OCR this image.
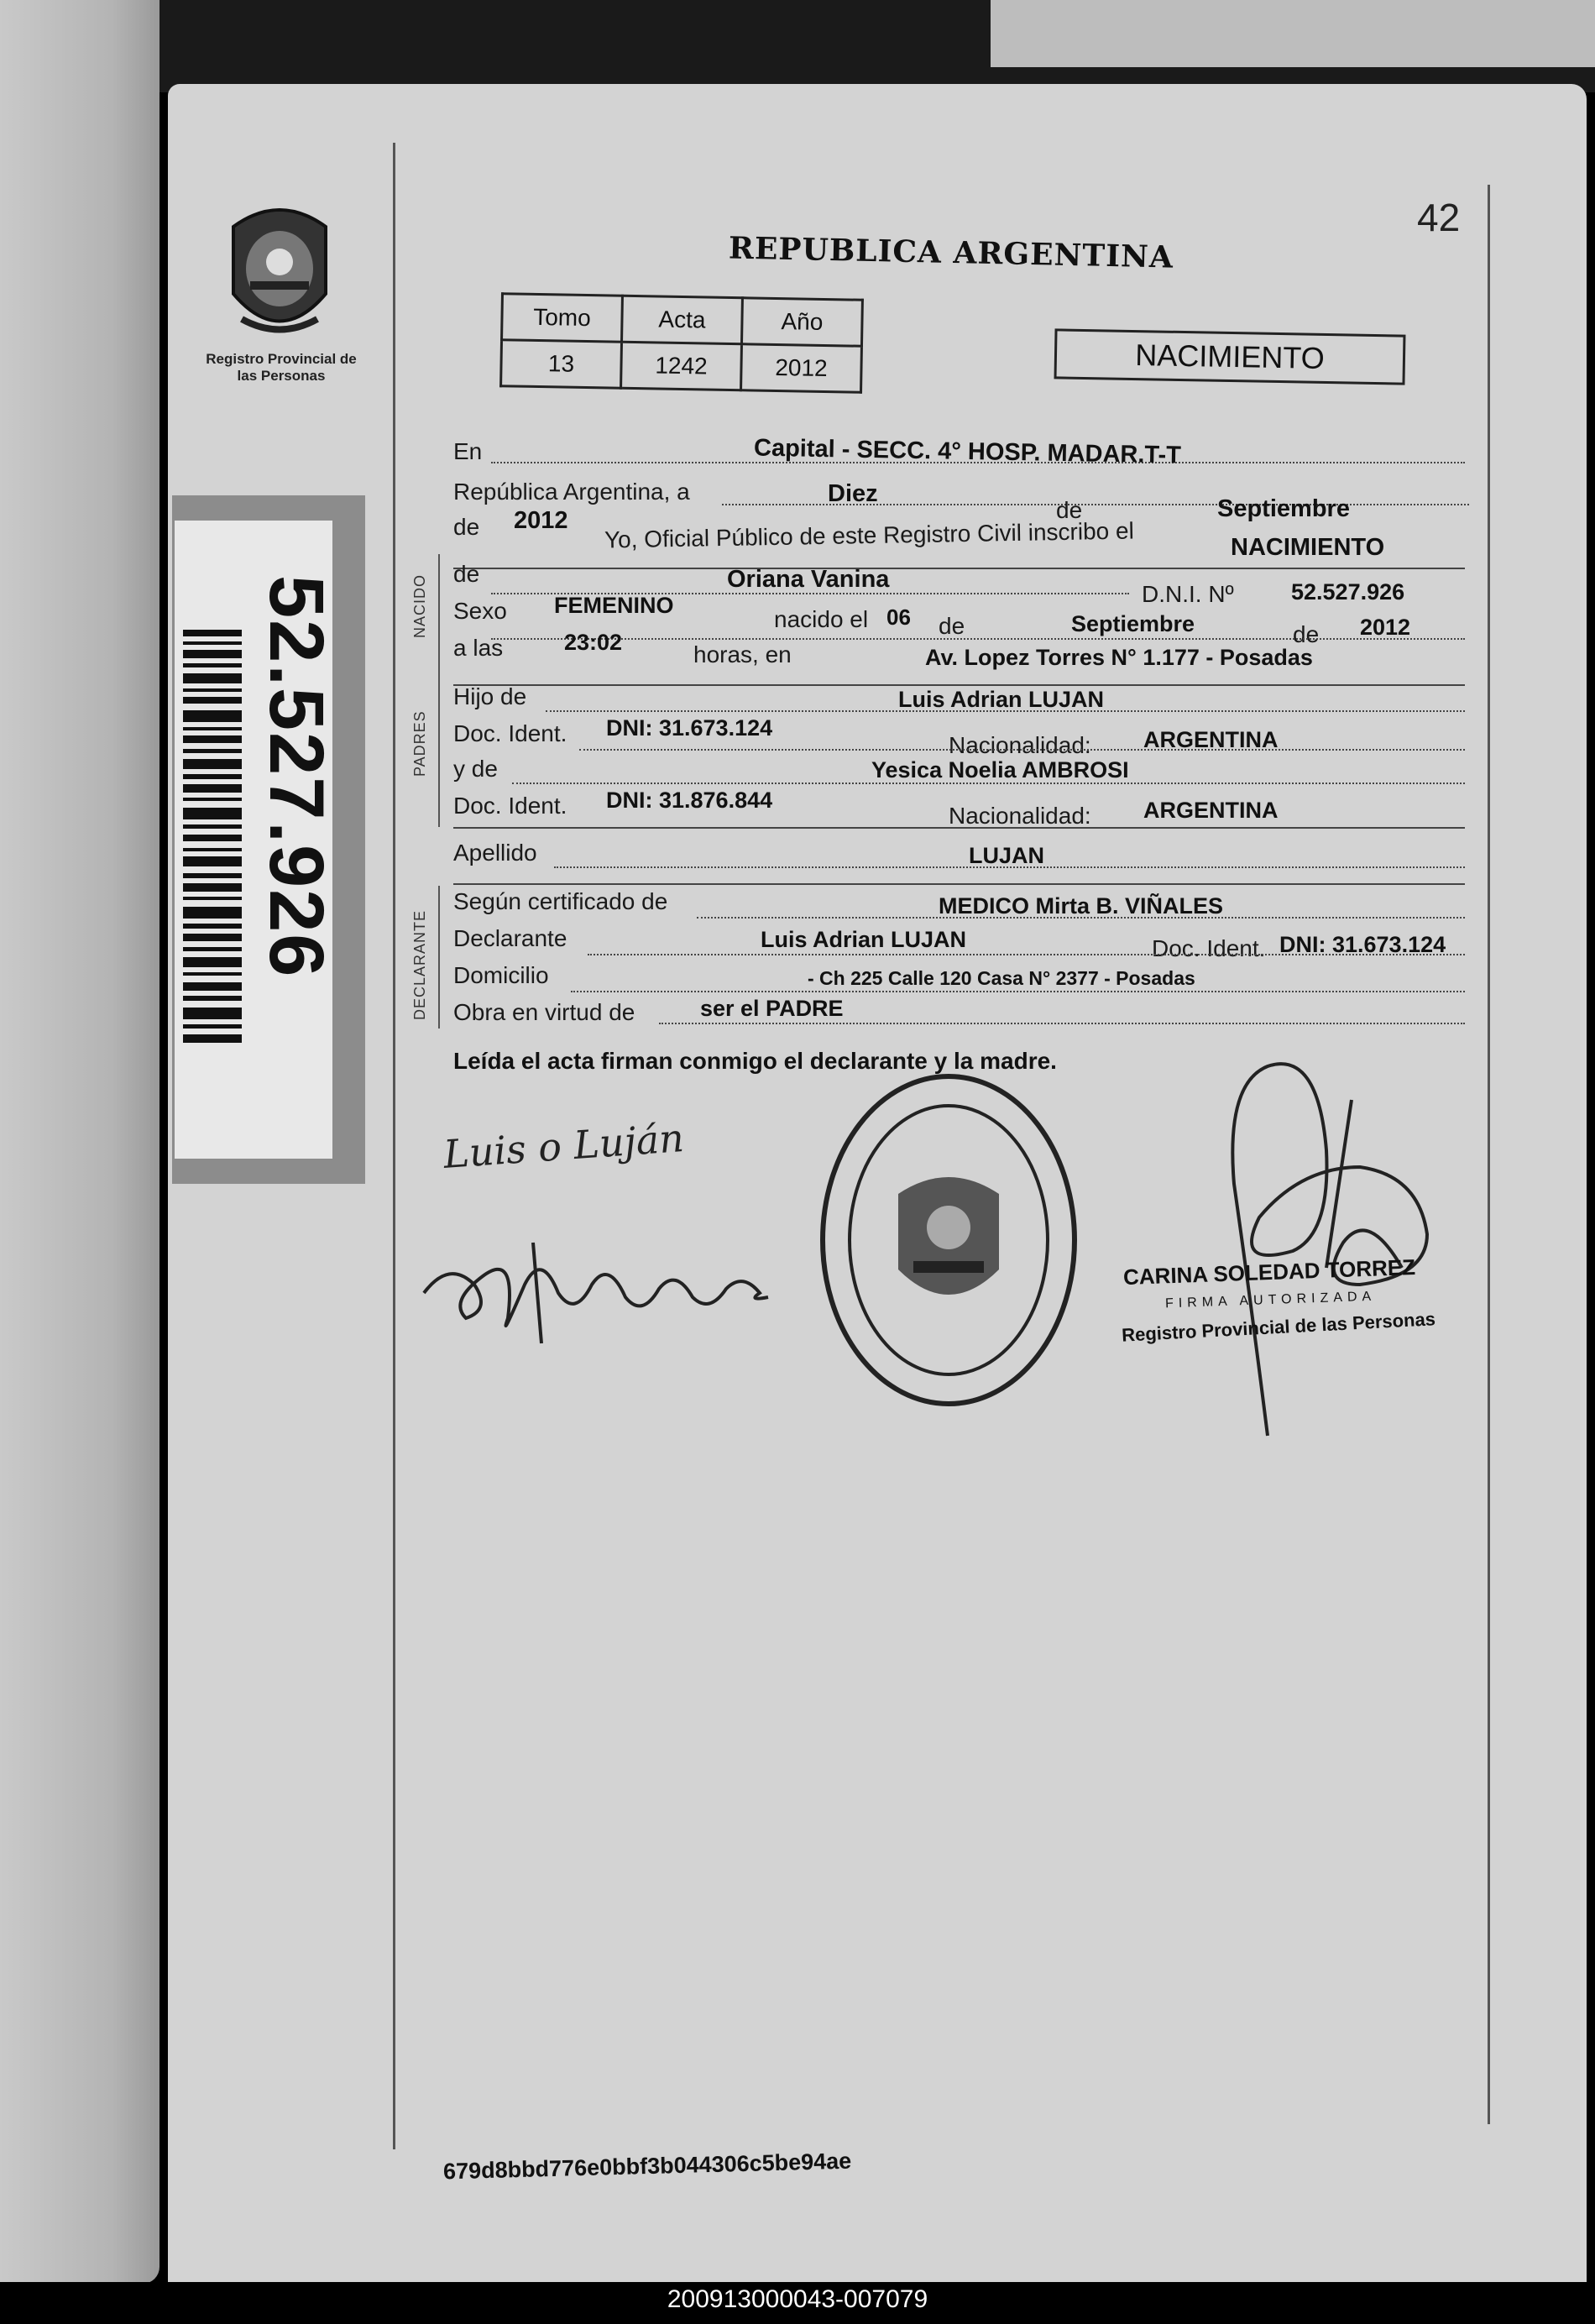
Registro Provincial de las Personas
52.527.926
42
REPUBLICA ARGENTINA
Tomo	Acta	Año
13	1242	2012	NACIMIENTO
NACIDO
PADRES
DECLARANTE
En	Capital - SECC. 4° HOSP. MADAR.T-T
República Argentina, a	Diez
de	Septiembre
de 2012 Yo, Oficial Público de este Registro Civil inscribo el	NACIMIENTO
de	Oriana Vanina
D.N.I. Nº	52.527.926
Sexo FEMENINO
nacido el 06 de	Septiembre	de 2012
a las	23:02	horas, en	Av. Lopez Torres N° 1.177 - Posadas
Hijo de	Luis Adrian LUJAN
Doc. Ident. DNI: 31.673.124
Nacionalidad: ARGENTINA
y de	Yesica Noelia AMBROSI
Doc. Ident. DNI: 31.876.844
Nacionalidad: ARGENTINA
Apellido	LUJAN
Según certificado de	MEDICO Mirta B. VIÑALES
Declarante	Luis Adrian LUJAN	Doc. Ident. DNI: 31.673.124
Domicilio	- Ch 225 Calle 120 Casa N° 2377 - Posadas
Obra en virtud de	ser el PADRE
Leída el acta firman conmigo el declarante y la madre.
Luis o Luján
CARINA SOLEDAD TORREZ
FIRMA AUTORIZADA
Registro Provincial de las Personas
679d8bbd776e0bbf3b044306c5be94ae
200913000043-007079
